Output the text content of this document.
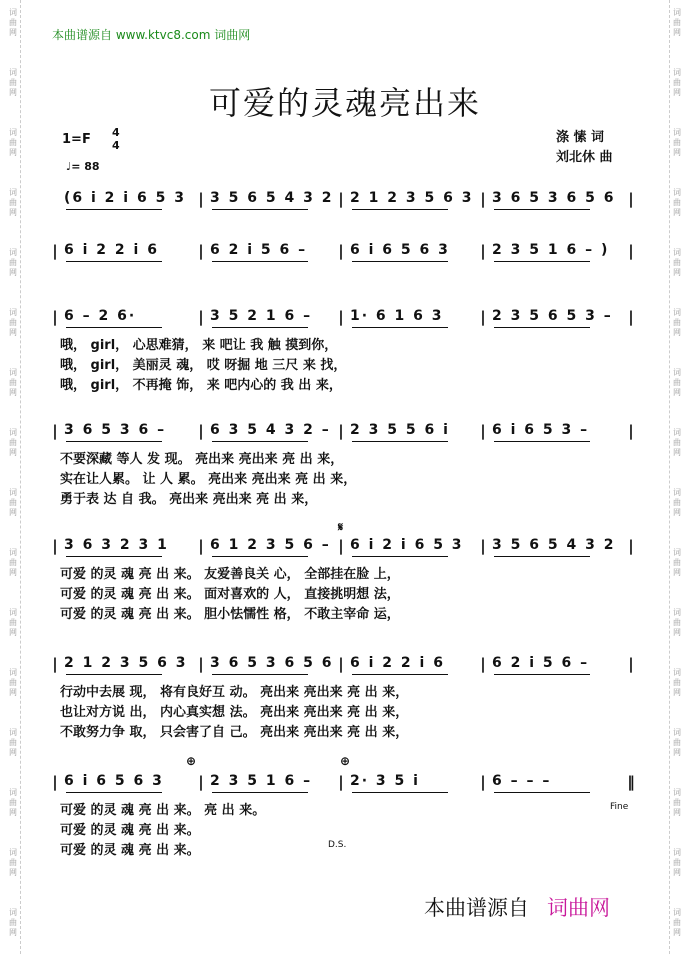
词
曲
网
词
曲
网
词
曲
网
词
曲
网
词
曲
网
词
曲
网
词
曲
网
词
曲
网
词
曲
网
词
曲
网
词
曲
网
词
曲
网
词
曲
网
词
曲
网
词
曲
网
词
曲
网
词
曲
网
词
曲
网
词
曲
网
词
曲
网
词
曲
网
词
曲
网
词
曲
网
词
曲
网
词
曲
网
词
曲
网
词
曲
网
词
曲
网
词
曲
网
词
曲
网
词
曲
网
词
曲
网
本曲谱源自 www.ktvc8.com 词曲网
可爱的灵魂亮出来
1=F 4
4
♩= 88
涤 愫 词
刘北休 曲
|	|	|	|
(6 i 2 i 6 5 3 3 5 6 5 4 3 2 2 1 2 3 5 6 3 3 6 5 3 6 5 6
|	|	|	|	|
6 i 2 2 i 6	6 2 i 5 6 –	6 i 6 5 6 3	2 3 5 1 6 – )
|	|	|	|	|
6 – 2 6·	3 5 2 1 6 –	1· 6 1 6 3	2 3 5 6 5 3 –
哦， girl， 心思难猜， 来 吧让 我 触 摸到你，
哦， girl， 美丽灵 魂， 哎 呀掘 地 三尺 来 找，
哦， girl， 不再掩 饰， 来 吧内心的 我 出 来，
|	|	|	|	|
3 6 5 3 6 –	6 3 5 4 3 2 – 2 3 5 5 6 i	6 i 6 5 3 –
不要深藏 等人 发 现。 亮出来 亮出来 亮 出 来，
实在让人累。 让 人 累。 亮出来 亮出来 亮 出 来，
勇于表 达 自 我。 亮出来 亮出来 亮 出 来，
|	|	|	|	|
3 6 3 2 3 1	6 1 2 3 5 6 – 6 i 2 i 6 5 3 3 5 6 5 4 3 2
可爱 的灵 魂 亮 出 来。 友爱善良关 心， 全部挂在脸 上，
可爱 的灵 魂 亮 出 来。 面对喜欢的 人， 直接挑明想 法，
可爱 的灵 魂 亮 出 来。 胆小怯懦性 格， 不敢主宰命 运，
|	|	|	|	|
2 1 2 3 5 6 3 3 6 5 3 6 5 6 6 i 2 2 i 6	6 2 i 5 6 –
行动中去展 现， 将有良好互 动。 亮出来 亮出来 亮 出 来，
也让对方说 出， 内心真实想 法。 亮出来 亮出来 亮 出 来，
不敢努力争 取， 只会害了自 己。 亮出来 亮出来 亮 出 来，
|	|	|	|	‖
6 i 6 5 6 3	2 3 5 1 6 –	2· 3 5 i	6 – – –
可爱 的灵 魂 亮 出 来。 亮 出 来。
可爱 的灵 魂 亮 出 来。
可爱 的灵 魂 亮 出 来。
本曲谱源自 词曲网
𝄋
⊕	⊕
Fine
D.S.
